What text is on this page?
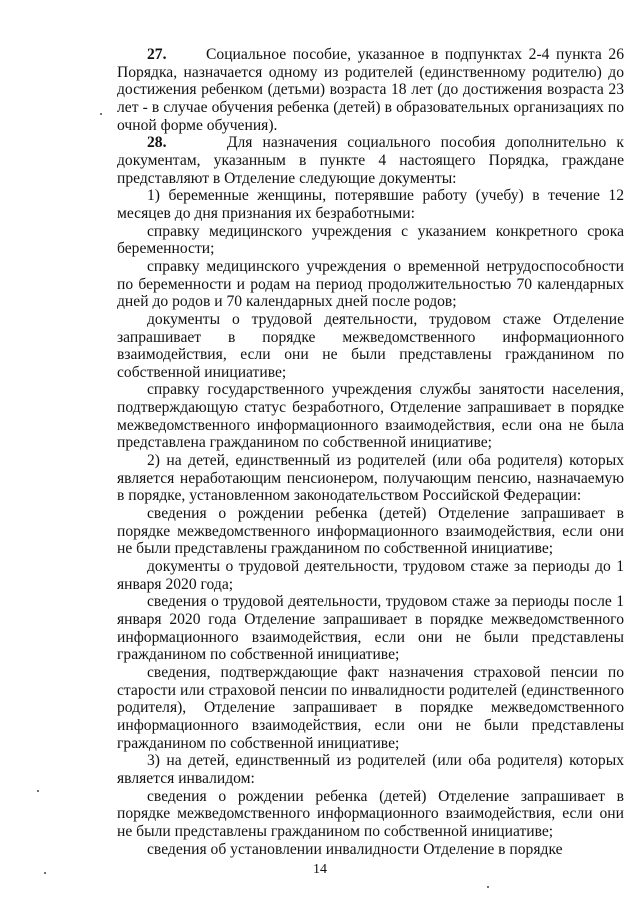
27.	Социальное пособие, указанное в подпунктах 2-4 пункта 26 Порядка, назначается одному из родителей (единственному родителю) до достижения ребенком (детьми) возраста 18 лет (до достижения возраста 23 лет - в случае обучения ребенка (детей) в образовательных организациях по очной форме обучения).

28.	Для назначения социального пособия дополнительно к документам, указанным в пункте 4 настоящего Порядка, граждане представляют в Отделение следующие документы:

1) беременные женщины, потерявшие работу (учебу) в течение 12 месяцев до дня признания их безработными:

справку медицинского учреждения с указанием конкретного срока беременности;

справку медицинского учреждения о временной нетрудоспособности по беременности и родам на период продолжительностью 70 календарных дней до родов и 70 календарных дней после родов;

документы о трудовой деятельности, трудовом стаже Отделение запрашивает в порядке межведомственного информационного взаимодействия, если они не были представлены гражданином по собственной инициативе;

справку государственного учреждения службы занятости населения, подтверждающую статус безработного, Отделение запрашивает в порядке межведомственного информационного взаимодействия, если она не была представлена гражданином по собственной инициативе;

2) на детей, единственный из родителей (или оба родителя) которых является неработающим пенсионером, получающим пенсию, назначаемую в порядке, установленном законодательством Российской Федерации:

сведения о рождении ребенка (детей) Отделение запрашивает в порядке межведомственного информационного взаимодействия, если они не были представлены гражданином по собственной инициативе;

документы о трудовой деятельности, трудовом стаже за периоды до 1 января 2020 года;

сведения о трудовой деятельности, трудовом стаже за периоды после 1 января 2020 года Отделение запрашивает в порядке межведомственного информационного взаимодействия, если они не были представлены гражданином по собственной инициативе;

сведения, подтверждающие факт назначения страховой пенсии по старости или страховой пенсии по инвалидности родителей (единственного родителя), Отделение запрашивает в порядке межведомственного информационного взаимодействия, если они не были представлены гражданином по собственной инициативе;

3) на детей, единственный из родителей (или оба родителя) которых является инвалидом:

сведения о рождении ребенка (детей) Отделение запрашивает в порядке межведомственного информационного взаимодействия, если они не были представлены гражданином по собственной инициативе;

сведения об установлении инвалидности Отделение в порядке

14
